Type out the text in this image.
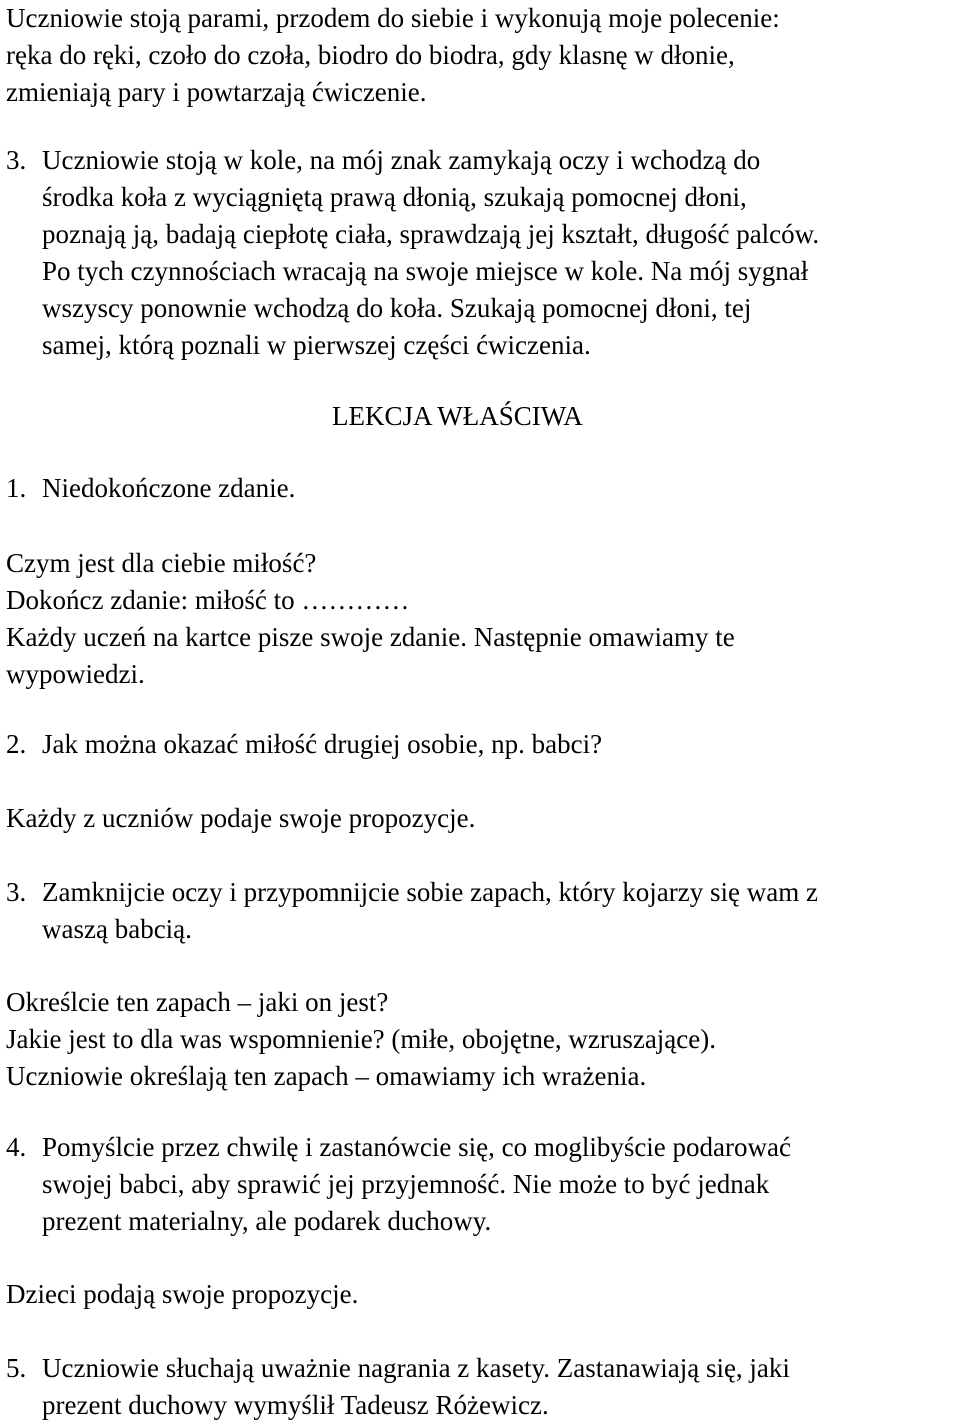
Uczniowie stoją parami, przodem do siebie i wykonują moje polecenie:
ręka do ręki, czoło do czoła, biodro do biodra, gdy klasnę w dłonie,
zmieniają pary i powtarzają ćwiczenie.
3. Uczniowie stoją w kole, na mój znak zamykają oczy i wchodzą do
środka koła z wyciągniętą prawą dłonią, szukają pomocnej dłoni,
poznają ją, badają ciepłotę ciała, sprawdzają jej kształt, długość palców.
Po tych czynnościach wracają na swoje miejsce w kole. Na mój sygnał
wszyscy ponownie wchodzą do koła. Szukają pomocnej dłoni, tej
samej, którą poznali w pierwszej części ćwiczenia.
LEKCJA WŁAŚCIWA
1. Niedokończone zdanie.
Czym jest dla ciebie miłość?
Dokończ zdanie: miłość to …………
Każdy uczeń na kartce pisze swoje zdanie. Następnie omawiamy te
wypowiedzi.
2. Jak można okazać miłość drugiej osobie, np. babci?
Każdy z uczniów podaje swoje propozycje.
3. Zamknijcie oczy i przypomnijcie sobie zapach, który kojarzy się wam z
waszą babcią.
Określcie ten zapach – jaki on jest?
Jakie jest to dla was wspomnienie? (miłe, obojętne, wzruszające).
Uczniowie określają ten zapach – omawiamy ich wrażenia.
4. Pomyślcie przez chwilę i zastanówcie się, co moglibyście podarować
swojej babci, aby sprawić jej przyjemność. Nie może to być jednak
prezent materialny, ale podarek duchowy.
Dzieci podają swoje propozycje.
5. Uczniowie słuchają uważnie nagrania z kasety. Zastanawiają się, jaki
prezent duchowy wymyślił Tadeusz Różewicz.
